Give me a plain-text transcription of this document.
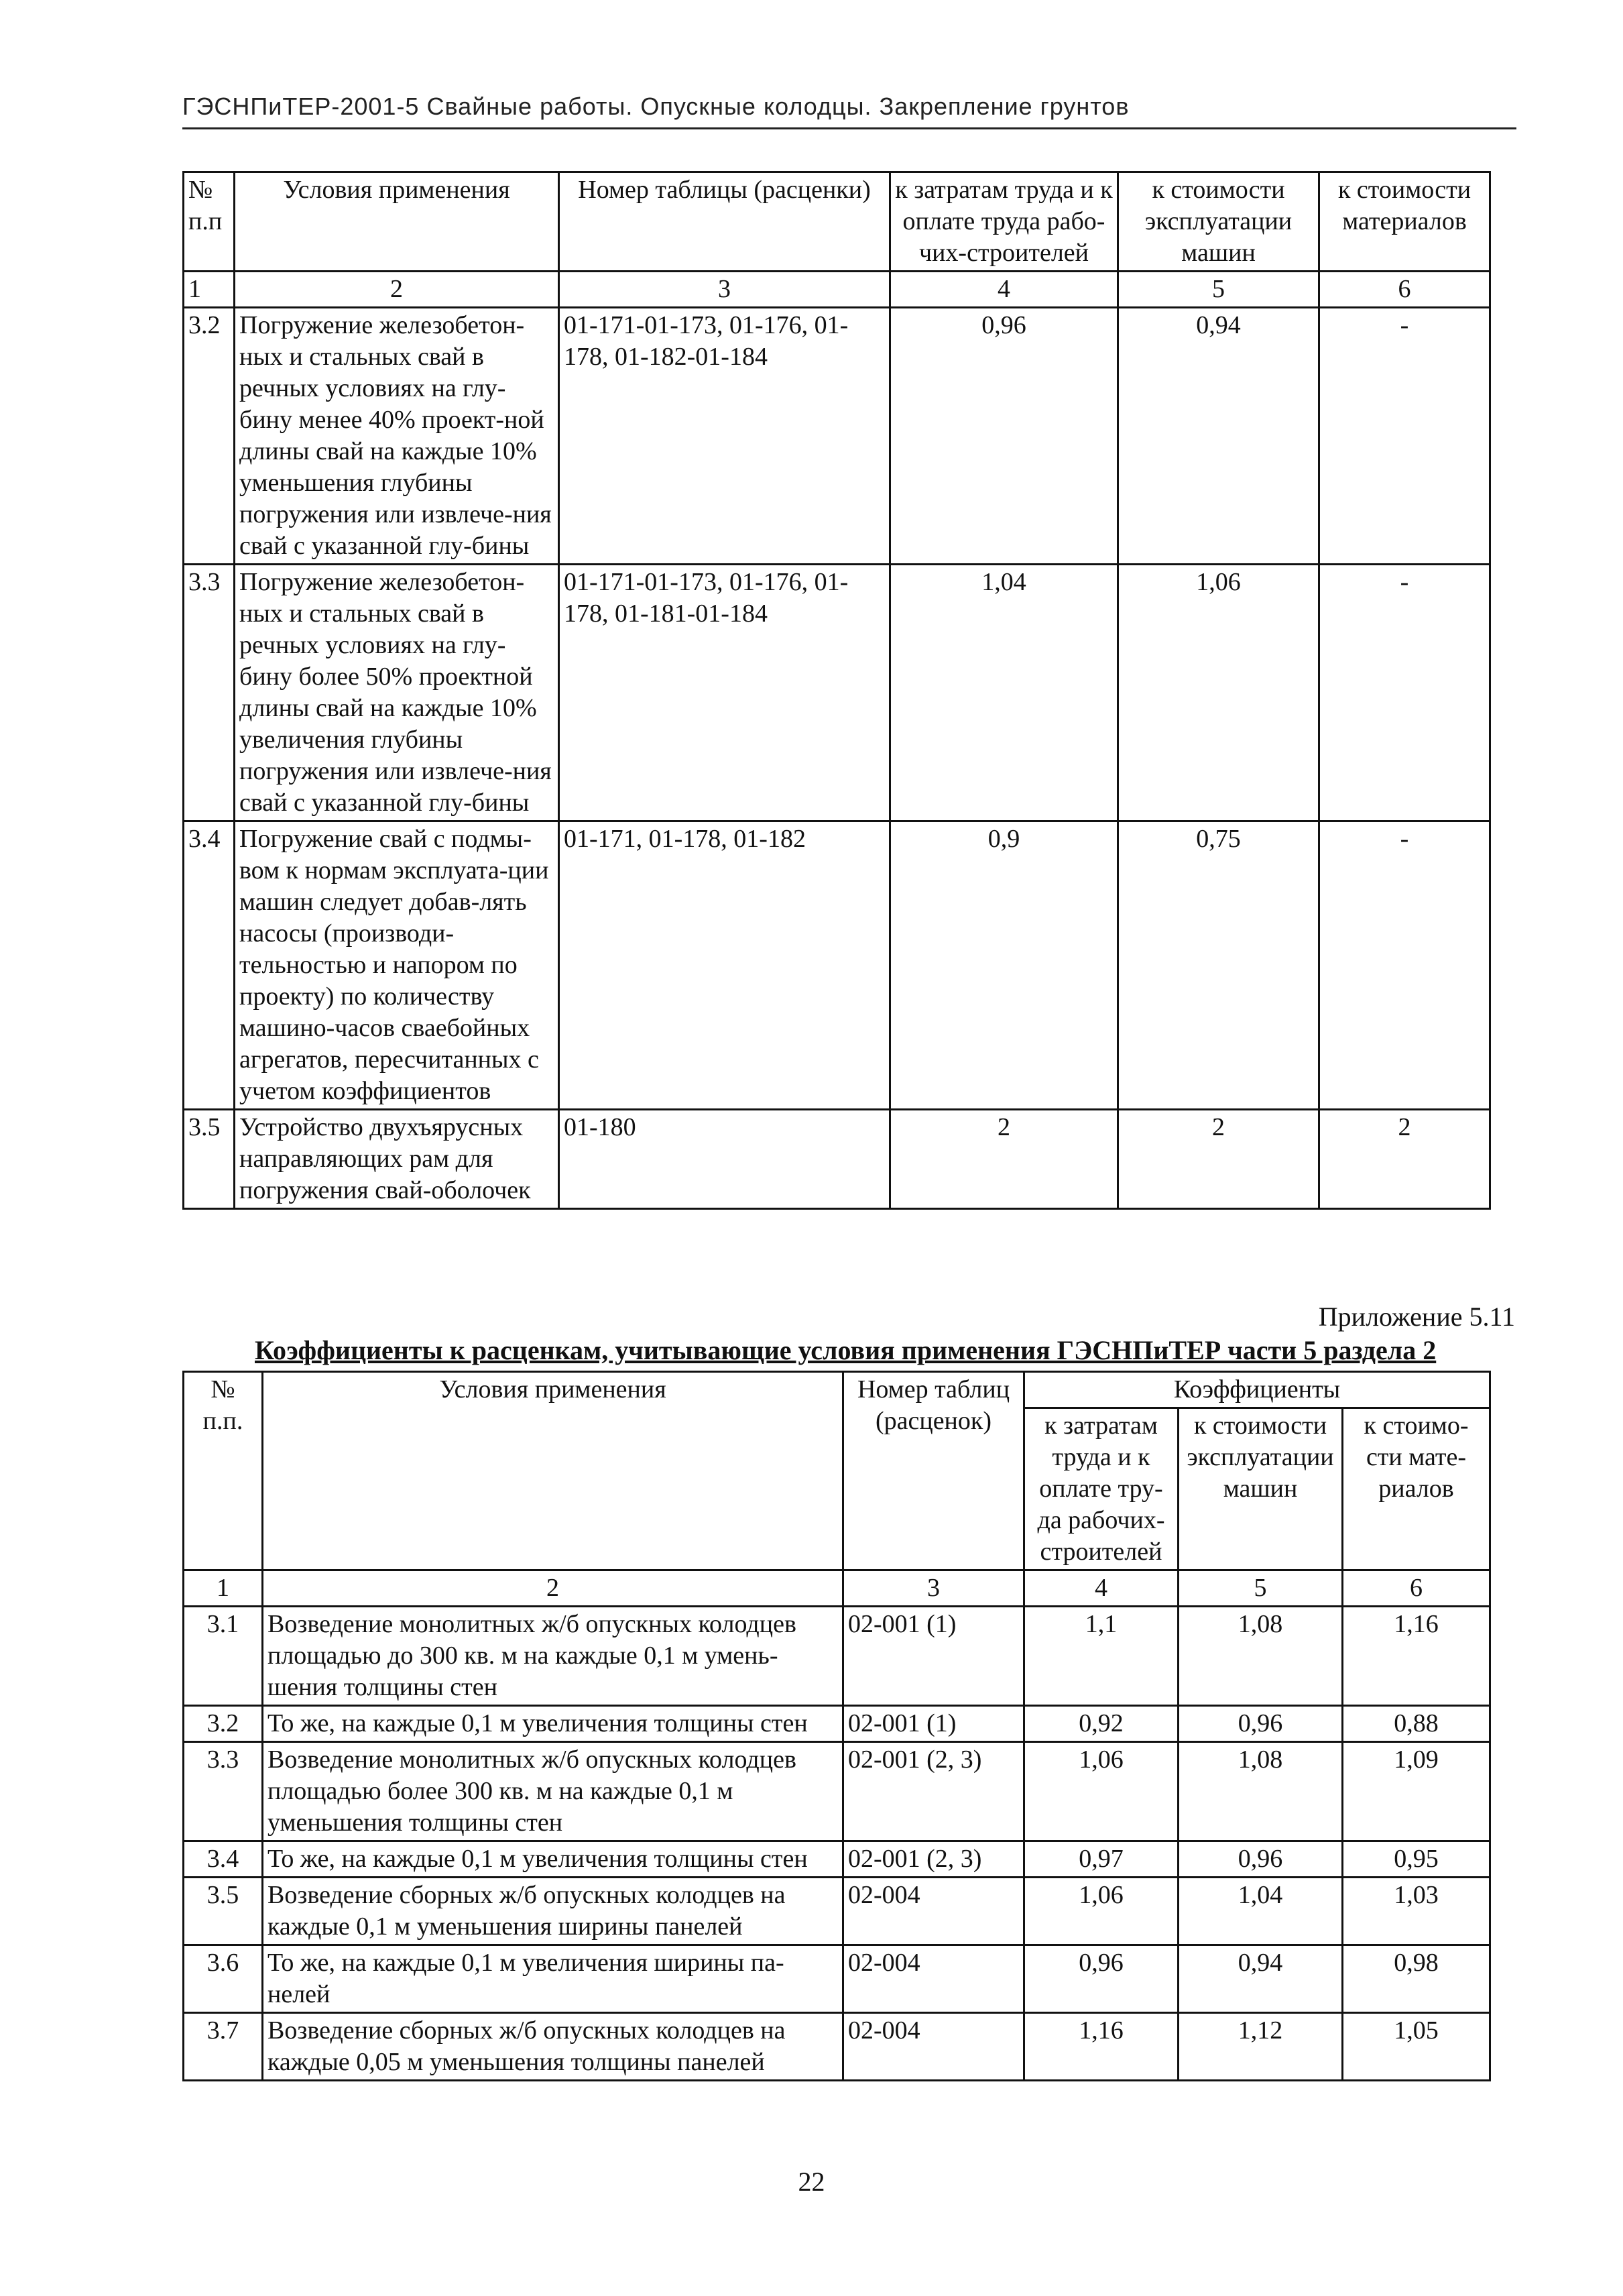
ГЭСНПиТЕР-2001-5 Свайные работы. Опускные колодцы. Закрепление грунтов
№ п.п	Условия применения	Номер таблицы (расценки)	к затратам труда и к оплате труда рабо-чих-строителей	к стоимости эксплуатации машин	к стоимости материалов
1	2	3	4	5	6
3.2	Погружение железобетон-ных и стальных свай в речных условиях на глу-бину менее 40% проект-ной длины свай на каждые 10% уменьшения глубины погружения или извлече-ния свай с указанной глу-бины	01-171-01-173, 01-176, 01-178, 01-182-01-184	0,96	0,94	-
3.3	Погружение железобетон-ных и стальных свай в речных условиях на глу-бину более 50% проектной длины свай на каждые 10% увеличения глубины погружения или извлече-ния свай с указанной глу-бины	01-171-01-173, 01-176, 01-178, 01-181-01-184	1,04	1,06	-
3.4	Погружение свай с подмы-вом к нормам эксплуата-ции машин следует добав-лять насосы (производи-тельностью и напором по проекту) по количеству машино-часов сваебойных агрегатов, пересчитанных с учетом коэффициентов	01-171, 01-178, 01-182	0,9	0,75	-
3.5	Устройство двухъярусных направляющих рам для погружения свай-оболочек	01-180	2	2	2
Приложение 5.11
Коэффициенты к расценкам, учитывающие условия применения ГЭСНПиТЕР части 5 раздела 2
№ п.п.	Условия применения	Номер таблиц (расценок)	Коэффициенты		
			к затратам труда и к оплате тру-да рабочих-строителей	к стоимости эксплуатации машин	к стоимо-сти мате-риалов
1	2	3	4	5	6
3.1	Возведение монолитных ж/б опускных колодцев площадью до 300 кв. м на каждые 0,1 м умень-шения толщины стен	02-001 (1)	1,1	1,08	1,16
3.2	То же, на каждые 0,1 м увеличения толщины стен	02-001 (1)	0,92	0,96	0,88
3.3	Возведение монолитных ж/б опускных колодцев площадью более 300 кв. м на каждые 0,1 м уменьшения толщины стен	02-001 (2, 3)	1,06	1,08	1,09
3.4	То же, на каждые 0,1 м увеличения толщины стен	02-001 (2, 3)	0,97	0,96	0,95
3.5	Возведение сборных ж/б опускных колодцев на каждые 0,1 м уменьшения ширины панелей	02-004	1,06	1,04	1,03
3.6	То же, на каждые 0,1 м увеличения ширины па-нелей	02-004	0,96	0,94	0,98
3.7	Возведение сборных ж/б опускных колодцев на каждые 0,05 м уменьшения толщины панелей	02-004	1,16	1,12	1,05
22
